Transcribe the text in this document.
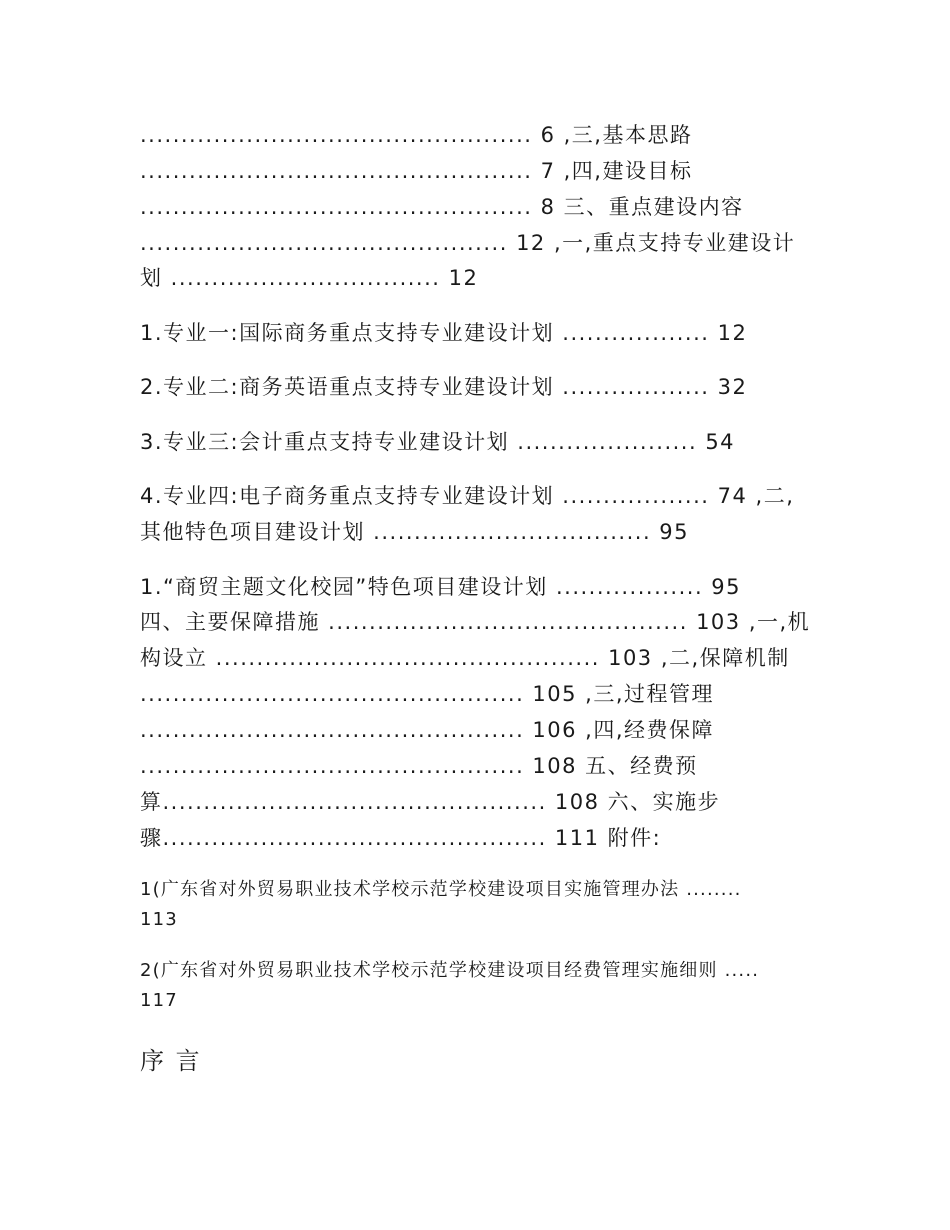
................................................ 6 ,三,基本思路
................................................ 7 ,四,建设目标
................................................ 8 三、重点建设内容
............................................. 12 ,一,重点支持专业建设计
划 ................................. 12
1.专业一:国际商务重点支持专业建设计划 .................. 12
2.专业二:商务英语重点支持专业建设计划 .................. 32
3.专业三:会计重点支持专业建设计划 ...................... 54
4.专业四:电子商务重点支持专业建设计划 .................. 74 ,二,
其他特色项目建设计划 .................................. 95
1.“商贸主题文化校园”特色项目建设计划 .................. 95
四、主要保障措施 ............................................ 103 ,一,机
构设立 ............................................... 103 ,二,保障机制
............................................... 105 ,三,过程管理
............................................... 106 ,四,经费保障
............................................... 108 五、经费预
算............................................... 108 六、实施步
骤............................................... 111 附件:
1(广东省对外贸易职业技术学校示范学校建设项目实施管理办法 ........
113
2(广东省对外贸易职业技术学校示范学校建设项目经费管理实施细则 .....
117
序 言
